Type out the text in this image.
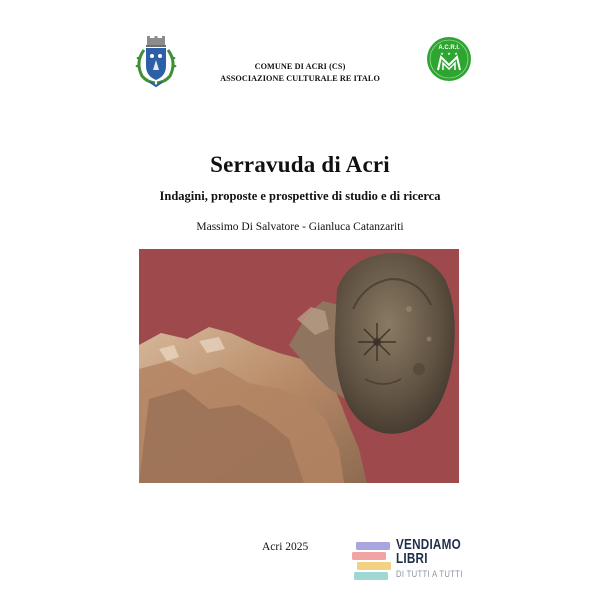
A.C.R.I.
★ ★ ★
COMUNE DI ACRI (CS)
ASSOCIAZIONE CULTURALE RE ITALO
Serravuda di Acri
Indagini, proposte e prospettive di studio e di ricerca
Massimo Di Salvatore - Gianluca Catanzariti
Acri 2025	VENDIAMO
LIBRI
DI TUTTI A TUTTI
